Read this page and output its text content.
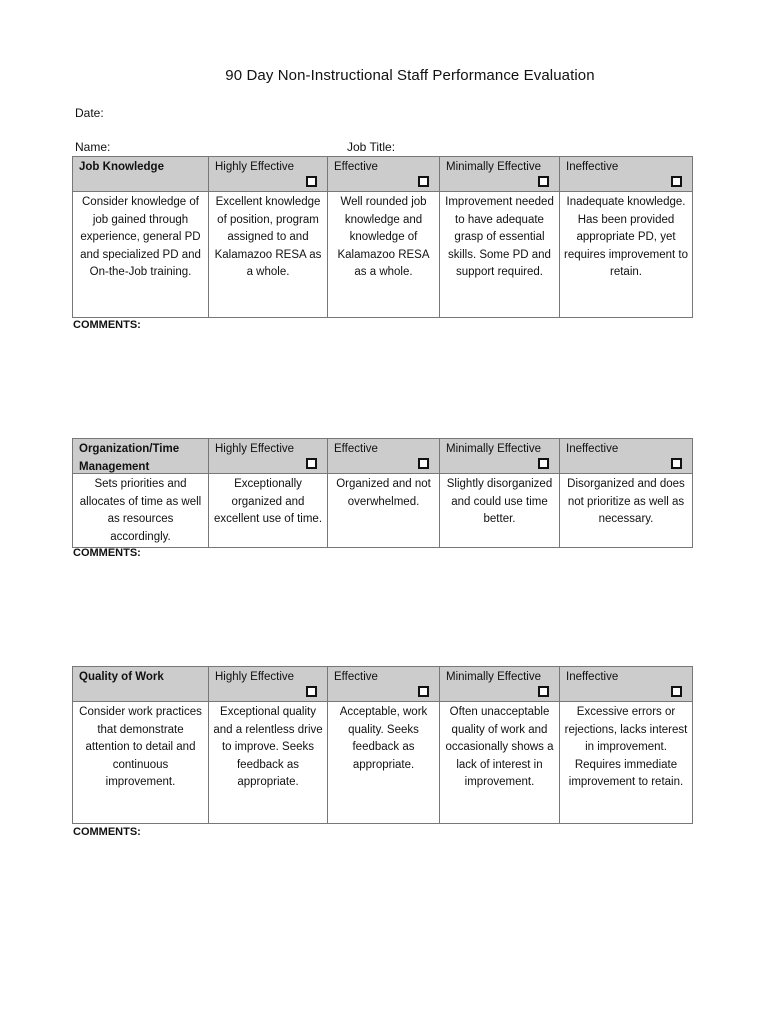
90 Day Non-Instructional Staff Performance Evaluation
Date:
Name:	Job Title:
Job Knowledge	Highly Effective	Effective	Minimally Effective	Ineffective

Consider knowledge of job gained through experience, general PD and specialized PD and On-the-Job training.	Excellent knowledge of position, program assigned to and Kalamazoo RESA as a whole.	Well rounded job knowledge and knowledge of Kalamazoo RESA as a whole.	Improvement needed to have adequate grasp of essential skills. Some PD and support required.	Inadequate knowledge. Has been provided appropriate PD, yet requires improvement to retain.
COMMENTS:
Organization/Time Management	Highly Effective	Effective	Minimally Effective	Ineffective

Sets priorities and allocates of time as well as resources accordingly.	Exceptionally organized and excellent use of time.	Organized and not overwhelmed.	Slightly disorganized and could use time better.	Disorganized and does not prioritize as well as necessary.
COMMENTS:
Quality of Work	Highly Effective	Effective	Minimally Effective	Ineffective

Consider work practices that demonstrate attention to detail and continuous improvement.	Exceptional quality and a relentless drive to improve. Seeks feedback as appropriate.	Acceptable, work quality. Seeks feedback as appropriate.	Often unacceptable quality of work and occasionally shows a lack of interest in improvement.	Excessive errors or rejections, lacks interest in improvement. Requires immediate improvement to retain.
COMMENTS:
